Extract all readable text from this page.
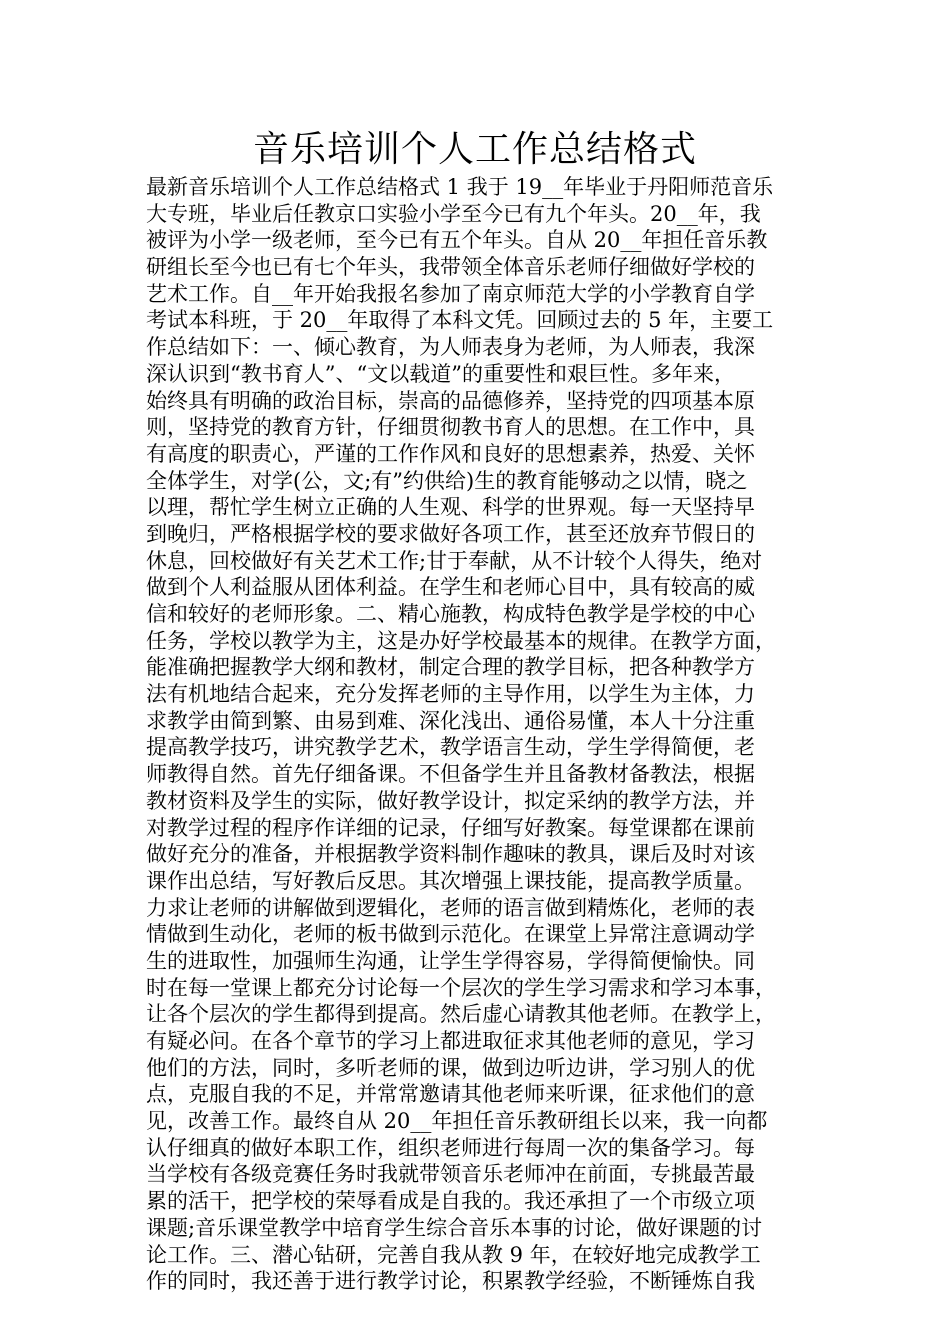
音乐培训个人工作总结格式
最新音乐培训个人工作总结格式 1 我于 19__年毕业于丹阳师范音乐
大专班，毕业后任教京口实验小学至今已有九个年头。20__年，我
被评为小学一级老师，至今已有五个年头。自从 20__年担任音乐教
研组长至今也已有七个年头，我带领全体音乐老师仔细做好学校的
艺术工作。自__年开始我报名参加了南京师范大学的小学教育自学
考试本科班，于 20__年取得了本科文凭。回顾过去的 5 年，主要工
作总结如下：一、倾心教育，为人师表身为老师，为人师表，我深
深认识到“教书育人”、“文以载道”的重要性和艰巨性。多年来，
始终具有明确的政治目标，崇高的品德修养，坚持党的四项基本原
则，坚持党的教育方针，仔细贯彻教书育人的思想。在工作中，具
有高度的职责心，严谨的工作作风和良好的思想素养，热爱、关怀
全体学生，对学(公，文;有”约供给)生的教育能够动之以情，晓之
以理，帮忙学生树立正确的人生观、科学的世界观。每一天坚持早
到晚归，严格根据学校的要求做好各项工作，甚至还放弃节假日的
休息，回校做好有关艺术工作;甘于奉献，从不计较个人得失，绝对
做到个人利益服从团体利益。在学生和老师心目中，具有较高的威
信和较好的老师形象。二、精心施教，构成特色教学是学校的中心
任务，学校以教学为主，这是办好学校最基本的规律。在教学方面，
能准确把握教学大纲和教材，制定合理的教学目标，把各种教学方
法有机地结合起来，充分发挥老师的主导作用，以学生为主体，力
求教学由简到繁、由易到难、深化浅出、通俗易懂，本人十分注重
提高教学技巧，讲究教学艺术，教学语言生动，学生学得简便，老
师教得自然。首先仔细备课。不但备学生并且备教材备教法，根据
教材资料及学生的实际，做好教学设计，拟定采纳的教学方法，并
对教学过程的程序作详细的记录，仔细写好教案。每堂课都在课前
做好充分的准备，并根据教学资料制作趣味的教具，课后及时对该
课作出总结，写好教后反思。其次增强上课技能，提高教学质量。
力求让老师的讲解做到逻辑化，老师的语言做到精炼化，老师的表
情做到生动化，老师的板书做到示范化。在课堂上异常注意调动学
生的进取性，加强师生沟通，让学生学得容易，学得简便愉快。同
时在每一堂课上都充分讨论每一个层次的学生学习需求和学习本事，
让各个层次的学生都得到提高。然后虚心请教其他老师。在教学上，
有疑必问。在各个章节的学习上都进取征求其他老师的意见，学习
他们的方法，同时，多听老师的课，做到边听边讲，学习别人的优
点，克服自我的不足，并常常邀请其他老师来听课，征求他们的意
见，改善工作。最终自从 20__年担任音乐教研组长以来，我一向都
认仔细真的做好本职工作，组织老师进行每周一次的集备学习。每
当学校有各级竞赛任务时我就带领音乐老师冲在前面，专挑最苦最
累的活干，把学校的荣辱看成是自我的。我还承担了一个市级立项
课题;音乐课堂教学中培育学生综合音乐本事的讨论，做好课题的讨
论工作。三、潜心钻研，完善自我从教 9 年，在较好地完成教学工
作的同时，我还善于进行教学讨论，积累教学经验，不断锤炼自我
